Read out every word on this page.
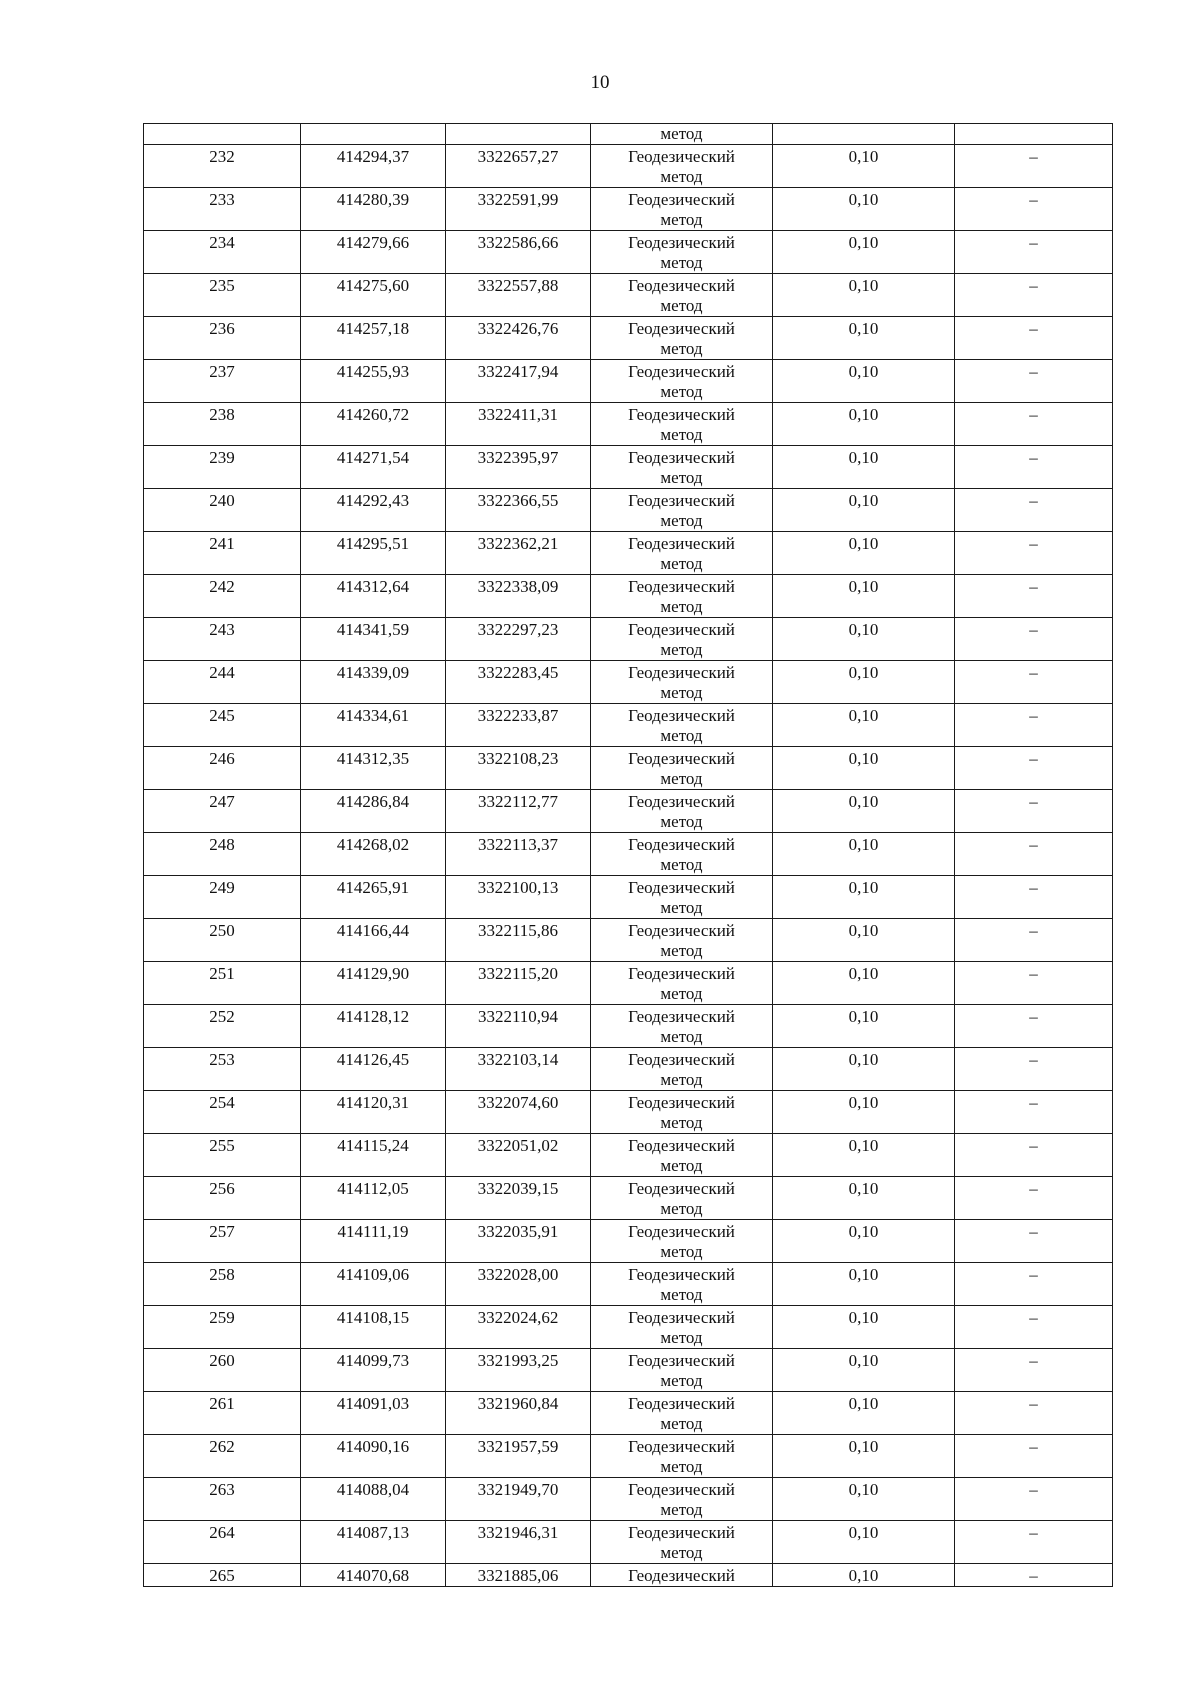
10

			метод		

232	414294,37	3322657,27	Геодезический
метод	0,10	–

233	414280,39	3322591,99	Геодезический
метод	0,10	–

234	414279,66	3322586,66	Геодезический
метод	0,10	–

235	414275,60	3322557,88	Геодезический
метод	0,10	–

236	414257,18	3322426,76	Геодезический
метод	0,10	–

237	414255,93	3322417,94	Геодезический
метод	0,10	–

238	414260,72	3322411,31	Геодезический
метод	0,10	–

239	414271,54	3322395,97	Геодезический
метод	0,10	–

240	414292,43	3322366,55	Геодезический
метод	0,10	–

241	414295,51	3322362,21	Геодезический
метод	0,10	–

242	414312,64	3322338,09	Геодезический
метод	0,10	–

243	414341,59	3322297,23	Геодезический
метод	0,10	–

244	414339,09	3322283,45	Геодезический
метод	0,10	–

245	414334,61	3322233,87	Геодезический
метод	0,10	–

246	414312,35	3322108,23	Геодезический
метод	0,10	–

247	414286,84	3322112,77	Геодезический
метод	0,10	–

248	414268,02	3322113,37	Геодезический
метод	0,10	–

249	414265,91	3322100,13	Геодезический
метод	0,10	–

250	414166,44	3322115,86	Геодезический
метод	0,10	–

251	414129,90	3322115,20	Геодезический
метод	0,10	–

252	414128,12	3322110,94	Геодезический
метод	0,10	–

253	414126,45	3322103,14	Геодезический
метод	0,10	–

254	414120,31	3322074,60	Геодезический
метод	0,10	–

255	414115,24	3322051,02	Геодезический
метод	0,10	–

256	414112,05	3322039,15	Геодезический
метод	0,10	–

257	414111,19	3322035,91	Геодезический
метод	0,10	–

258	414109,06	3322028,00	Геодезический
метод	0,10	–

259	414108,15	3322024,62	Геодезический
метод	0,10	–

260	414099,73	3321993,25	Геодезический
метод	0,10	–

261	414091,03	3321960,84	Геодезический
метод	0,10	–

262	414090,16	3321957,59	Геодезический
метод	0,10	–

263	414088,04	3321949,70	Геодезический
метод	0,10	–

264	414087,13	3321946,31	Геодезический
метод	0,10	–

265	414070,68	3321885,06	Геодезический	0,10	–
